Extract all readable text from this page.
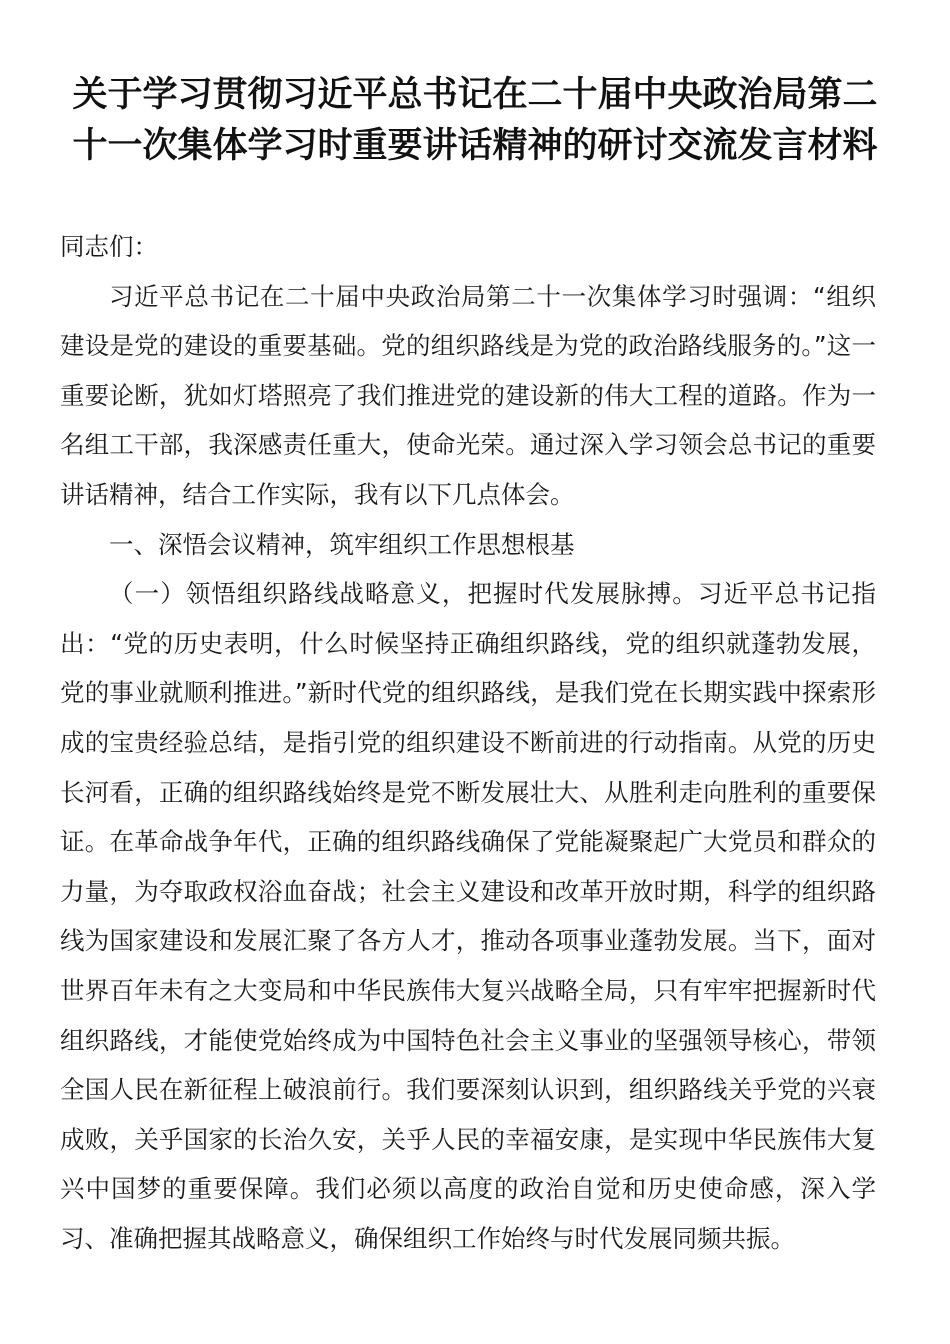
关于学习贯彻习近平总书记在二十届中央政治局第二十一次集体学习时重要讲话精神的研讨交流发言材料

同志们：

习近平总书记在二十届中央政治局第二十一次集体学习时强调：“组织建设是党的建设的重要基础。党的组织路线是为党的政治路线服务的。”这一重要论断，犹如灯塔照亮了我们推进党的建设新的伟大工程的道路。作为一名组工干部，我深感责任重大，使命光荣。通过深入学习领会总书记的重要讲话精神，结合工作实际，我有以下几点体会。

一、深悟会议精神，筑牢组织工作思想根基

（一）领悟组织路线战略意义，把握时代发展脉搏。习近平总书记指出：“党的历史表明，什么时候坚持正确组织路线，党的组织就蓬勃发展，党的事业就顺利推进。”新时代党的组织路线，是我们党在长期实践中探索形成的宝贵经验总结，是指引党的组织建设不断前进的行动指南。从党的历史长河看，正确的组织路线始终是党不断发展壮大、从胜利走向胜利的重要保证。在革命战争年代，正确的组织路线确保了党能凝聚起广大党员和群众的力量，为夺取政权浴血奋战；社会主义建设和改革开放时期，科学的组织路线为国家建设和发展汇聚了各方人才，推动各项事业蓬勃发展。当下，面对世界百年未有之大变局和中华民族伟大复兴战略全局，只有牢牢把握新时代组织路线，才能使党始终成为中国特色社会主义事业的坚强领导核心，带领全国人民在新征程上破浪前行。我们要深刻认识到，组织路线关乎党的兴衰成败，关乎国家的长治久安，关乎人民的幸福安康，是实现中华民族伟大复兴中国梦的重要保障。我们必须以高度的政治自觉和历史使命感，深入学习、准确把握其战略意义，确保组织工作始终与时代发展同频共振。
